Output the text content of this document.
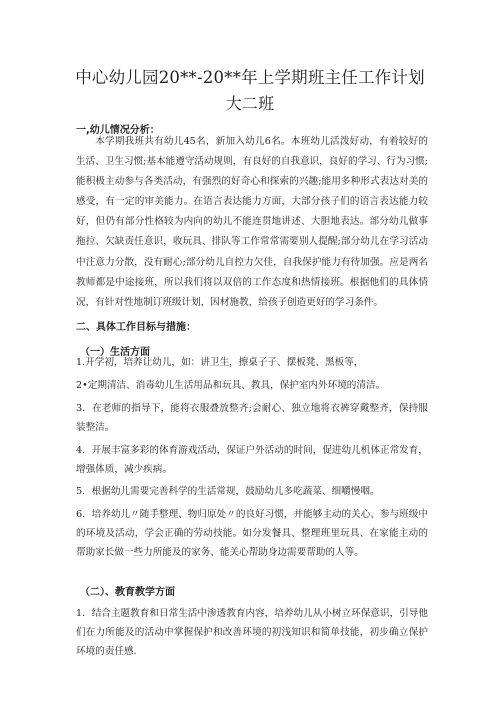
中心幼儿园20**-20**年上学期班主任工作计划
大二班
一,幼儿情况分析：

本学期我班共有幼儿45名，新加入幼儿6名。本班幼儿活泼好动，有着较好的生活、卫生习惯;基本能遵守活动规则，有良好的自我意识，良好的学习、行为习惯;能积极主动参与各类活动，有强烈的好奇心和探索的兴趣;能用多种形式表达对美的感受，有一定的审美能力。在语言表达能力方面，大部分孩子们的语言表达能力较好，但仍有部分性格较为内向的幼儿不能连贯地讲述、大胆地表达。部分幼儿做事拖拉、欠缺责任意识，收玩具、排队等工作常常需要别人提醒;部分幼儿在学习活动中注意力分散，没有耐心;部分幼儿自控力欠佳，自我保护能力有待加强。应是两名教师都是中途接班，所以我们将以双倍的工作态度和热情接班。根据他们的具体情况，有针对性地制订班级计划，因材施教，给孩子创造更好的学习条件。

二、具体工作目标与措施：
（一）生活方面

1.开学初，培养让幼儿，如：讲卫生，擦桌子子、摆板凳、黑板等，

2•定期清洁、消毒幼儿生活用品和玩具、教具，保护室内外环境的清洁。

3．在老师的指导下，能将衣服叠放整齐;会耐心、独立地将衣裤穿戴整齐，保持服装整洁。

4．开展丰富多彩的体育游戏活动，保证户外活动的时间，促进幼儿机体正常发育，增强体质，减少疾病。

5．根据幼儿需要完善科学的生活常规，鼓励幼儿多吃蔬菜、细嚼慢咽。

6．培养幼儿〃随手整理、物归原处〃的良好习惯，并能够主动的关心、参与班级中的环境及活动，学会正确的劳动技能。如分发餐具、整理班里玩具、在家能主动的帮助家长做一些力所能及的家务、能关心帮助身边需要帮助的人等。

（二）、教育教学方面

1．结合主题教育和日常生活中渗透教育内容，培养幼儿从小树立环保意识，引导他们在力所能及的活动中掌握保护和改善环境的初浅知识和简单技能，初步确立保护环境的责任感.
